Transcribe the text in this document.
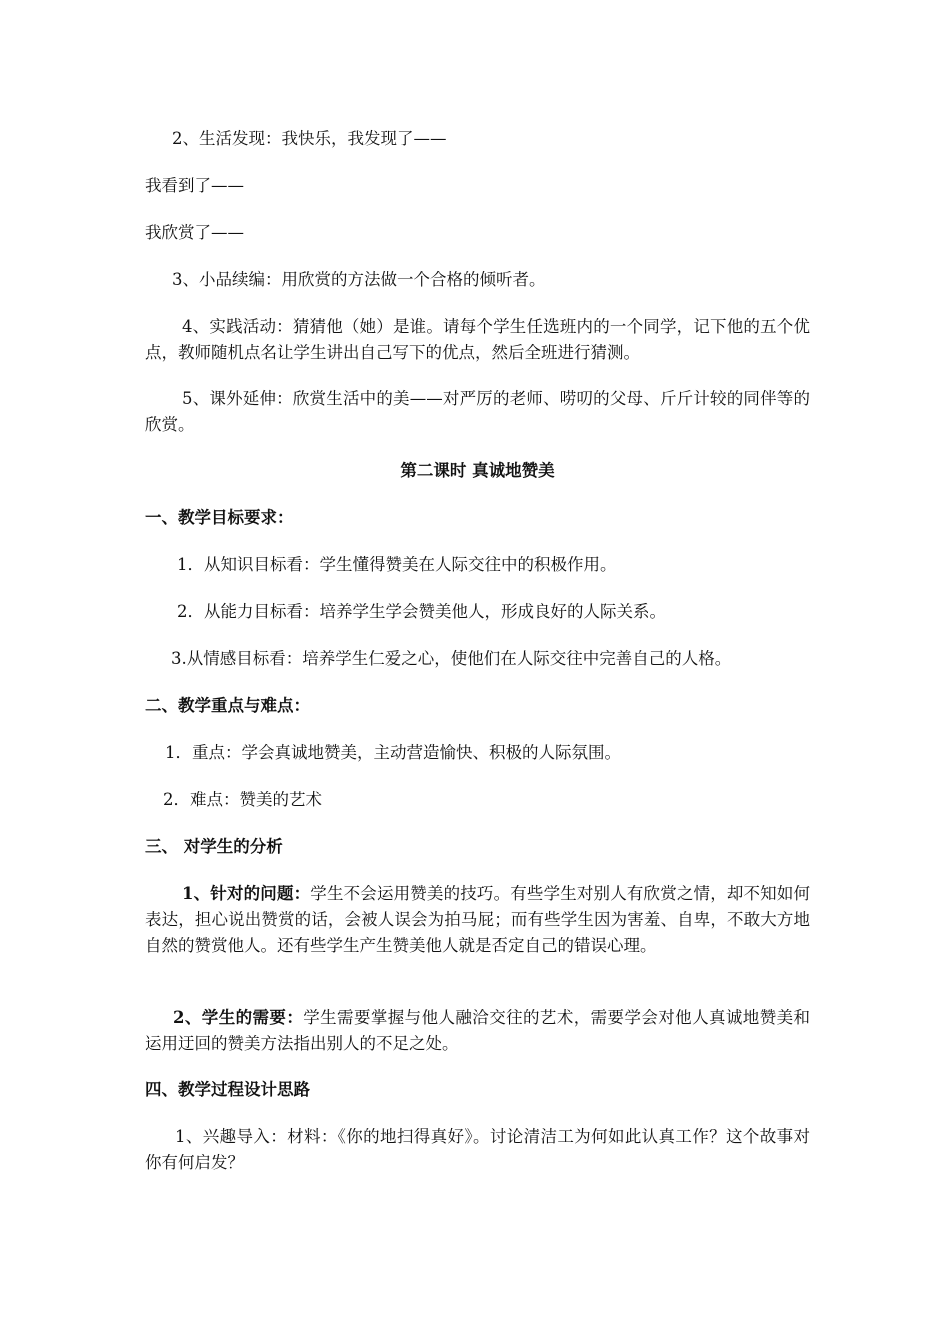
2、生活发现：我快乐，我发现了——

我看到了——

我欣赏了——

3、小品续编：用欣赏的方法做一个合格的倾听者。

4、实践活动：猜猜他（她）是谁。请每个学生任选班内的一个同学，记下他的五个优点，教师随机点名让学生讲出自己写下的优点，然后全班进行猜测。

5、课外延伸：欣赏生活中的美——对严厉的老师、唠叨的父母、斤斤计较的同伴等的欣赏。

第二课时 真诚地赞美

一、教学目标要求：

1．从知识目标看：学生懂得赞美在人际交往中的积极作用。

2．从能力目标看：培养学生学会赞美他人，形成良好的人际关系。

3.从情感目标看：培养学生仁爱之心，使他们在人际交往中完善自己的人格。

二、教学重点与难点：

1．重点：学会真诚地赞美，主动营造愉快、积极的人际氛围。

2．难点：赞美的艺术

三、 对学生的分析

1、针对的问题：学生不会运用赞美的技巧。有些学生对别人有欣赏之情，却不知如何表达，担心说出赞赏的话，会被人误会为拍马屁；而有些学生因为害羞、自卑，不敢大方地自然的赞赏他人。还有些学生产生赞美他人就是否定自己的错误心理。

2、学生的需要：学生需要掌握与他人融洽交往的艺术，需要学会对他人真诚地赞美和运用迂回的赞美方法指出别人的不足之处。

四、教学过程设计思路

1、兴趣导入：材料：《你的地扫得真好》。讨论清洁工为何如此认真工作？这个故事对你有何启发？
